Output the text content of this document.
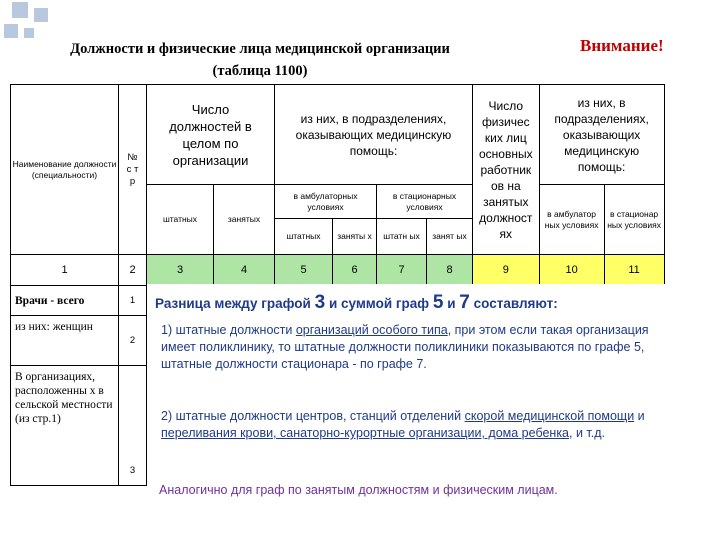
Должности и физические лица медицинской организации
(таблица 1100)
Внимание!
Наименование должности (специальности)	№ с т р	Число должностей в целом по организации		из них, в подразделениях, оказывающих медицинскую помощь:				Число физичес ких лиц основных работник ов на занятых должност ях	из них, в подразделениях, оказывающих медицинскую помощь:	
		штатных	занятых	в амбулаторных условиях		в стационарных условиях			в амбулатор ных условиях	в стационар ных условиях
				штатных	заняты х	штатн ых	занят ых			
1	2	3	4	5	6	7	8	9	10	11
Врачи - всего	1									
из них: женщин	2									
В организациях, расположенны х в сельской местности (из стр.1)	3									
Разница между графой 3 и суммой граф 5 и 7 составляют:
1) штатные должности организаций особого типа, при этом если такая организация имеет поликлинику, то штатные должности поликлиники показываются по графе 5, штатные должности стационара - по графе 7.
2) штатные должности центров, станций отделений скорой медицинской помощи и переливания крови, санаторно-курортные организации, дома ребенка, и т.д.
Аналогично для граф по занятым должностям и физическим лицам.
